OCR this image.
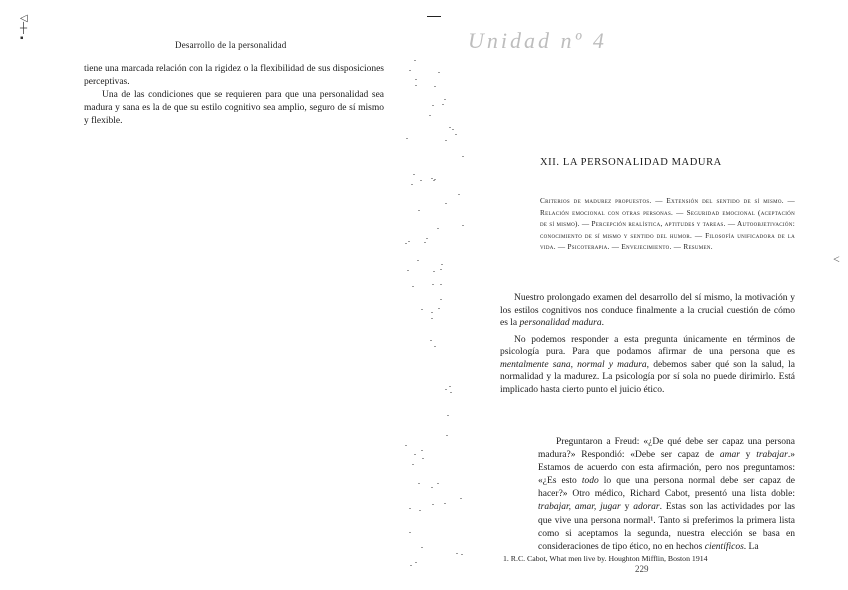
◁
┼
▪
Desarrollo de la personalidad

tiene una marcada relación con la rigidez o la flexibilidad de sus disposiciones perceptivas.

Una de las condiciones que se requieren para que una personalidad sea madura y sana es la de que su estilo cognitivo sea amplio, seguro de sí mismo y flexible.

Unidad nº 4
XII. LA PERSONALIDAD MADURA
Criterios de madurez propuestos. — Extensión del sentido de sí mismo. — Relación emocional con otras personas. — Seguridad emocional (aceptación de sí mismo). — Percepción realística, aptitudes y tareas. — Autoobjetivación: conocimiento de sí mismo y sentido del humor. — Filosofía unificadora de la vida. — Psicoterapia. — Envejecimiento. — Resumen.

Nuestro prolongado examen del desarrollo del sí mismo, la motivación y los estilos cognitivos nos conduce finalmente a la crucial cuestión de cómo es la personalidad madura.

No podemos responder a esta pregunta únicamente en términos de psicología pura. Para que podamos afirmar de una persona que es mentalmente sana, normal y madura, debemos saber qué son la salud, la normalidad y la madurez. La psicología por sí sola no puede dirimirlo. Está implicado hasta cierto punto el juicio ético.

Preguntaron a Freud: «¿De qué debe ser capaz una persona madura?» Respondió: «Debe ser capaz de amar y trabajar.» Estamos de acuerdo con esta afirmación, pero nos preguntamos: «¿Es esto todo lo que una persona normal debe ser capaz de hacer?» Otro médico, Richard Cabot, presentó una lista doble: trabajar, amar, jugar y adorar. Estas son las actividades por las que vive una persona normal¹. Tanto si preferimos la primera lista como si aceptamos la segunda, nuestra elección se basa en consideraciones de tipo ético, no en hechos científicos. La

1. R.C. Cabot, What men live by. Houghton Mifflin, Boston 1914
229
<
